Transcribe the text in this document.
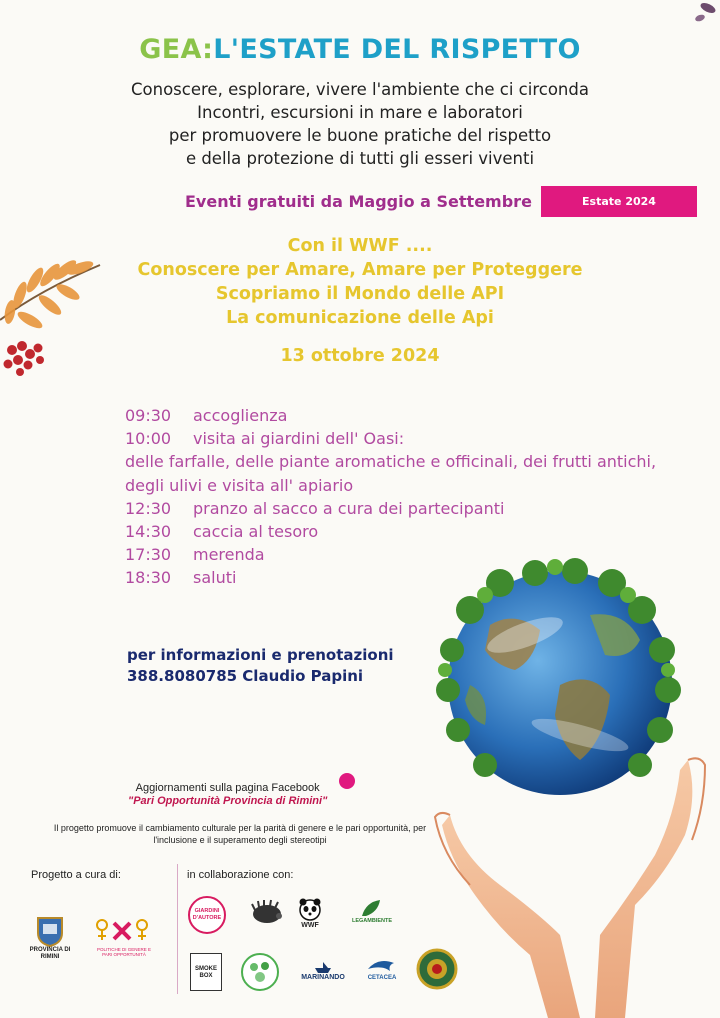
GEA:L'ESTATE DEL RISPETTO
Conoscere, esplorare, vivere l'ambiente che ci circonda
Incontri, escursioni in mare e laboratori
per promuovere le buone pratiche del rispetto
e della protezione di tutti gli esseri viventi
Eventi gratuiti da Maggio a Settembre	Estate 2024
Con il WWF ....
Conoscere per Amare, Amare per Proteggere
Scopriamo il Mondo delle API
La comunicazione delle Api
13 ottobre 2024
09:30 accoglienza
10:00 visita ai giardini dell' Oasi:
delle farfalle, delle piante aromatiche e officinali, dei frutti antichi,
degli ulivi e visita all' apiario
12:30 pranzo al sacco a cura dei partecipanti
14:30 caccia al tesoro
17:30 merenda
18:30 saluti
per informazioni e prenotazioni
388.8080785 Claudio Papini
Aggiornamenti sulla pagina Facebook
"Pari Opportunità Provincia di Rimini"
Il progetto promuove il cambiamento culturale per la parità di genere e le pari opportunità, per
l'inclusione e il superamento degli stereotipi
Progetto a cura di:	in collaborazione con:
PROVINCIA DI RIMINI
POLITICHE DI GENERE E PARI OPPORTUNITÀ
GIARDINI D'AUTORE
WWF
LEGAMBIENTE
SMOKE BOX	MARINANDO	CETACEA
